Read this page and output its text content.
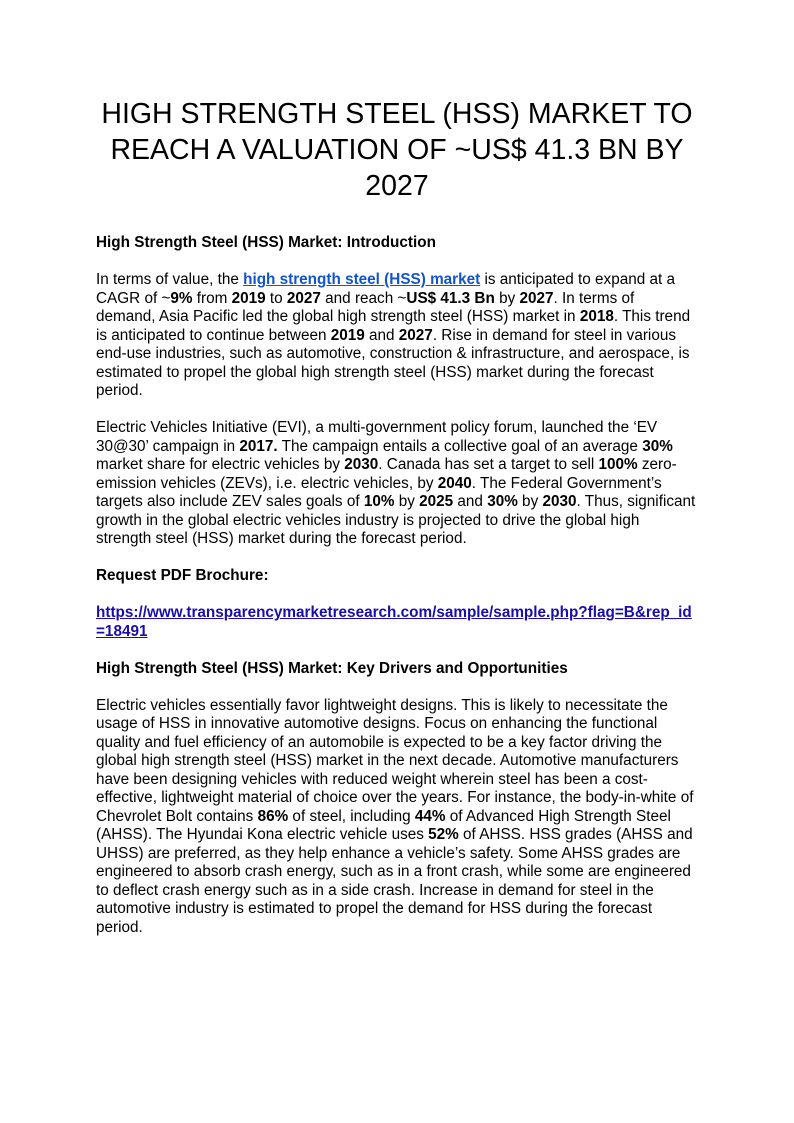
HIGH STRENGTH STEEL (HSS) MARKET TO REACH A VALUATION OF ~US$ 41.3 BN BY 2027

High Strength Steel (HSS) Market: Introduction

In terms of value, the high strength steel (HSS) market is anticipated to expand at a CAGR of ~9% from 2019 to 2027 and reach ~US$ 41.3 Bn by 2027. In terms of demand, Asia Pacific led the global high strength steel (HSS) market in 2018. This trend is anticipated to continue between 2019 and 2027. Rise in demand for steel in various end-use industries, such as automotive, construction & infrastructure, and aerospace, is estimated to propel the global high strength steel (HSS) market during the forecast period.

Electric Vehicles Initiative (EVI), a multi-government policy forum, launched the ‘EV 30@30’ campaign in 2017. The campaign entails a collective goal of an average 30% market share for electric vehicles by 2030. Canada has set a target to sell 100% zero-emission vehicles (ZEVs), i.e. electric vehicles, by 2040. The Federal Government’s targets also include ZEV sales goals of 10% by 2025 and 30% by 2030. Thus, significant growth in the global electric vehicles industry is projected to drive the global high strength steel (HSS) market during the forecast period.

Request PDF Brochure:

https://www.transparencymarketresearch.com/sample/sample.php?flag=B&rep_id=18491

High Strength Steel (HSS) Market: Key Drivers and Opportunities

Electric vehicles essentially favor lightweight designs. This is likely to necessitate the usage of HSS in innovative automotive designs. Focus on enhancing the functional quality and fuel efficiency of an automobile is expected to be a key factor driving the global high strength steel (HSS) market in the next decade. Automotive manufacturers have been designing vehicles with reduced weight wherein steel has been a cost-effective, lightweight material of choice over the years. For instance, the body-in-white of Chevrolet Bolt contains 86% of steel, including 44% of Advanced High Strength Steel (AHSS). The Hyundai Kona electric vehicle uses 52% of AHSS. HSS grades (AHSS and UHSS) are preferred, as they help enhance a vehicle’s safety. Some AHSS grades are engineered to absorb crash energy, such as in a front crash, while some are engineered to deflect crash energy such as in a side crash. Increase in demand for steel in the automotive industry is estimated to propel the demand for HSS during the forecast period.
